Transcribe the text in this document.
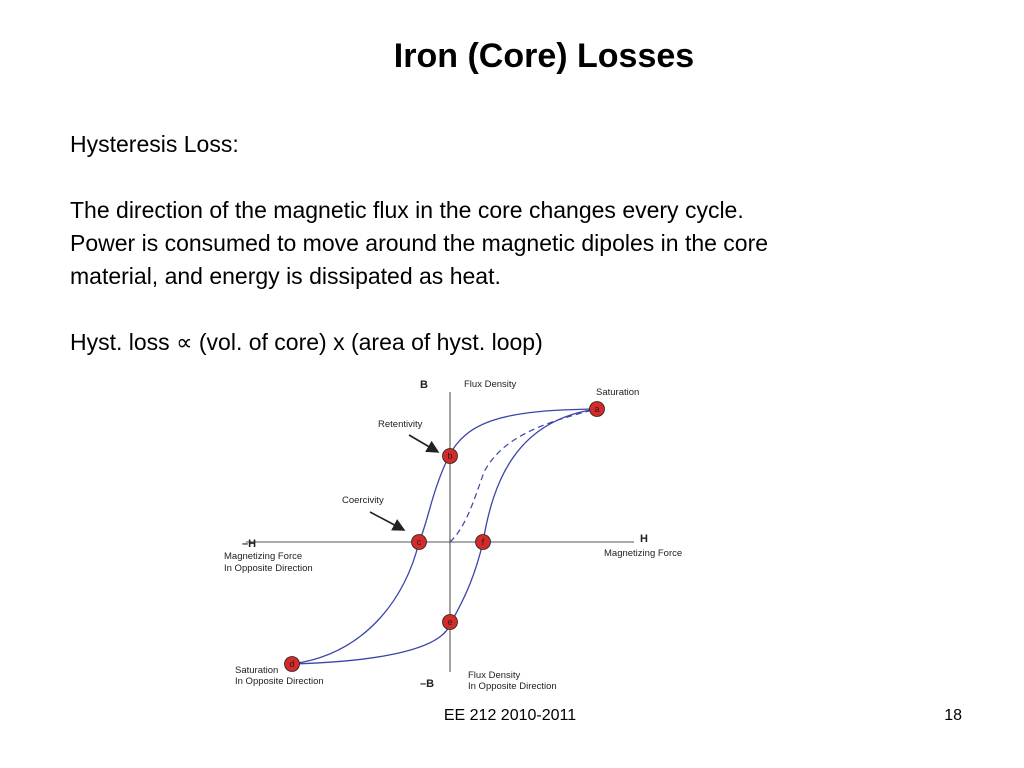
Iron (Core) Losses

Hysteresis Loss:

The direction of the magnetic flux in the core changes every cycle.

Power is consumed to move around the magnetic dipoles in the core

material, and energy is dissipated as heat.

Hyst. loss ∝ (vol. of core) x (area of hyst. loop)

a
b
c
d
e
f
B	Flux Density
–B
Flux Density
In Opposite Direction
H
Magnetizing Force
–H
Magnetizing Force
In Opposite Direction
Saturation
Saturation
In Opposite Direction
Retentivity
Coercivity
EE 212 2010-2011	18
